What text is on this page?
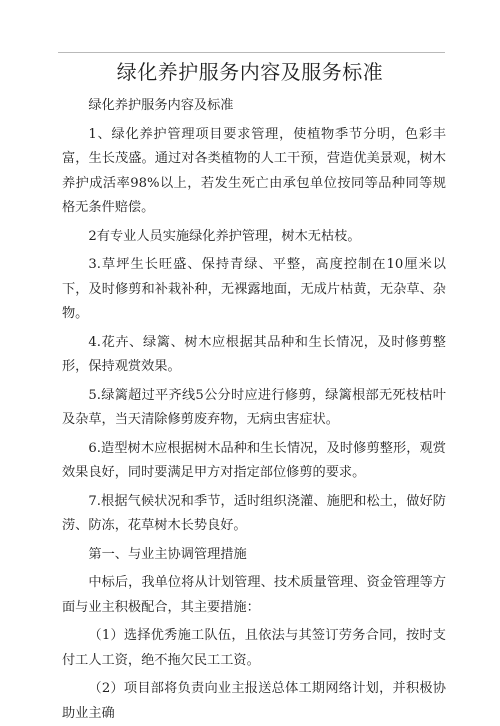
绿化养护服务内容及服务标准

绿化养护服务内容及标准

1、绿化养护管理项目要求管理，使植物季节分明，色彩丰富，生长茂盛。通过对各类植物的人工干预，营造优美景观，树木养护成活率98%以上，若发生死亡由承包单位按同等品种同等规格无条件赔偿。

2有专业人员实施绿化养护管理，树木无枯枝。

3.草坪生长旺盛、保持青绿、平整，高度控制在10厘米以下，及时修剪和补栽补种，无裸露地面，无成片枯黄，无杂草、杂物。

4.花卉、绿篱、树木应根据其品种和生长情况，及时修剪整形，保持观赏效果。

5.绿篱超过平齐线5公分时应进行修剪，绿篱根部无死枝枯叶及杂草，当天清除修剪废弃物，无病虫害症状。

6.造型树木应根据树木品种和生长情况，及时修剪整形，观赏效果良好，同时要满足甲方对指定部位修剪的要求。

7.根据气候状况和季节，适时组织浇灌、施肥和松土，做好防涝、防冻，花草树木长势良好。

第一、与业主协调管理措施

中标后，我单位将从计划管理、技术质量管理、资金管理等方面与业主积极配合，其主要措施：

（1）选择优秀施工队伍，且依法与其签订劳务合同，按时支付工人工资，绝不拖欠民工工资。

（2）项目部将负责向业主报送总体工期网络计划，并积极协助业主确
